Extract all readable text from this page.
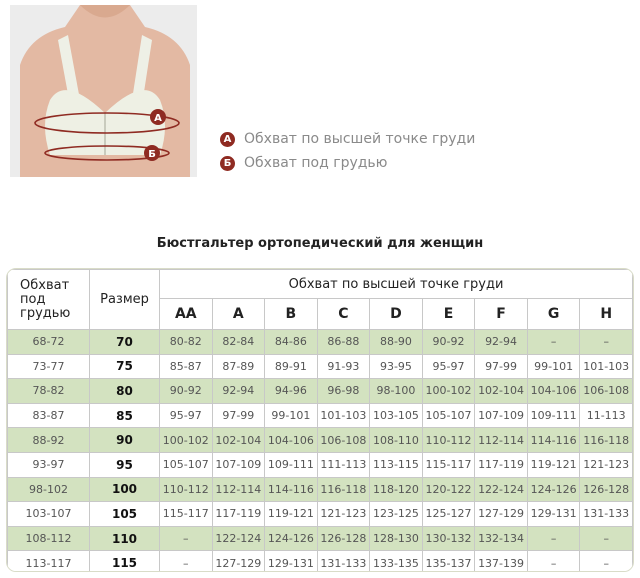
А
Б
А Обхват по высшей точке груди
Б Обхват под грудью
Бюстгальтер ортопедический для женщин
Обхват под грудью	Размер	Обхват по высшей точке груди								
		AA	A	B	C	D	E	F	G	H
68-72	70	80-82	82-84	84-86	86-88	88-90	90-92	92-94	–	–
73-77	75	85-87	87-89	89-91	91-93	93-95	95-97	97-99	99-101	101-103
78-82	80	90-92	92-94	94-96	96-98	98-100	100-102	102-104	104-106	106-108
83-87	85	95-97	97-99	99-101	101-103	103-105	105-107	107-109	109-111	11-113
88-92	90	100-102	102-104	104-106	106-108	108-110	110-112	112-114	114-116	116-118
93-97	95	105-107	107-109	109-111	111-113	113-115	115-117	117-119	119-121	121-123
98-102	100	110-112	112-114	114-116	116-118	118-120	120-122	122-124	124-126	126-128
103-107	105	115-117	117-119	119-121	121-123	123-125	125-127	127-129	129-131	131-133
108-112	110	–	122-124	124-126	126-128	128-130	130-132	132-134	–	–
113-117	115	–	127-129	129-131	131-133	133-135	135-137	137-139	–	–
